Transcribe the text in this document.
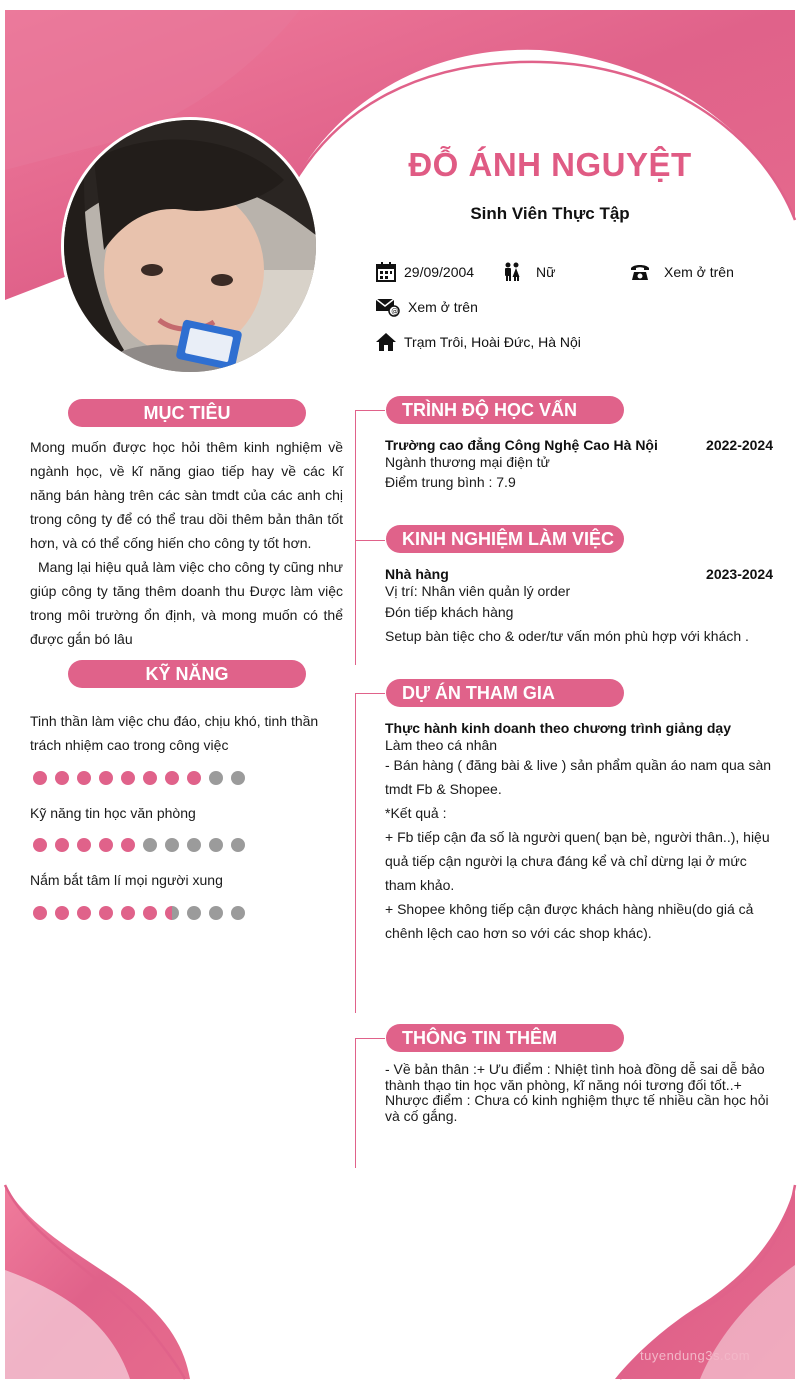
ĐỖ ÁNH NGUYỆT
Sinh Viên Thực Tập
29/09/2004	Nữ	Xem ở trên
@ Xem ở trên
Trạm Trôi, Hoài Đức, Hà Nội
MỤC TIÊU
Mong muốn được học hỏi thêm kinh nghiệm về ngành học, về kĩ năng giao tiếp hay về các kĩ năng bán hàng trên các sàn tmdt của các anh chị trong công ty để có thể trau dồi thêm bản thân tốt hơn, và có thể cống hiến cho công ty tốt hơn.
Mang lại hiệu quả làm việc cho công ty cũng như giúp công ty tăng thêm doanh thu Được làm việc trong môi trường ổn định, và mong muốn có thể được gắn bó lâu
KỸ NĂNG
Tinh thần làm việc chu đáo, chịu khó, tinh thần trách nhiệm cao trong công việc
Kỹ năng tin học văn phòng
Nắm bắt tâm lí mọi người xung
TRÌNH ĐỘ HỌC VẤN
Trường cao đẳng Công Nghệ Cao Hà Nội	2022-2024
Ngành thương mại điện tử
Điểm trung bình : 7.9
KINH NGHIỆM LÀM VIỆC
Nhà hàng	2023-2024
Vị trí: Nhân viên quản lý order
Đón tiếp khách hàng
Setup bàn tiệc cho & oder/tư vấn món phù hợp với khách .
DỰ ÁN THAM GIA
Thực hành kinh doanh theo chương trình giảng dạy
Làm theo cá nhân
- Bán hàng ( đăng bài & live ) sản phẩm quần áo nam qua sàn tmdt Fb & Shopee.
*Kết quả :
+ Fb tiếp cận đa số là người quen( bạn bè, người thân..), hiệu quả tiếp cận người lạ chưa đáng kể và chỉ dừng lại ở mức tham khảo.
+ Shopee không tiếp cận được khách hàng nhiều(do giá cả chênh lệch cao hơn so với các shop khác).
THÔNG TIN THÊM
- Về bản thân :+ Ưu điểm : Nhiệt tình hoà đồng dễ sai dễ bảo thành thạo tin học văn phòng, kĩ năng nói tương đối tốt..+ Nhược điểm : Chưa có kinh nghiệm thực tế nhiều cần học hỏi và cố gắng.
tuyendung3s.com
